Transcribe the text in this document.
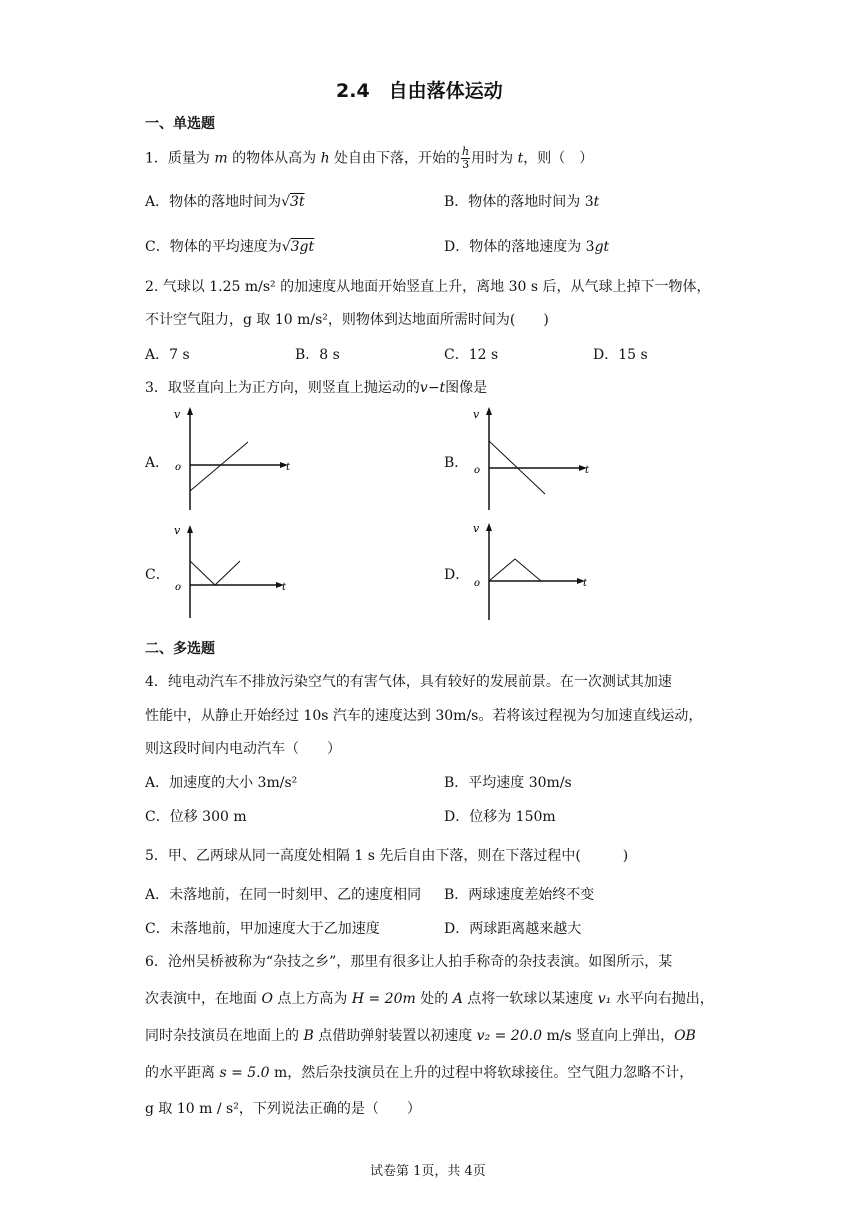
2.4　自由落体运动
一、单选题
1．质量为 m 的物体从高为 h 处自由下落，开始的 $\frac{h}{3}$ 用时为 t，则（　）
A．物体的落地时间为√3t	B．物体的落地时间为 3t
C．物体的平均速度为√3gt	D．物体的落地速度为 3gt
2. 气球以 1.25 m/s² 的加速度从地面开始竖直上升，离地 30 s 后，从气球上掉下一物体，
不计空气阻力，g 取 10 m/s²，则物体到达地面所需时间为(　　)
A．7 s	B．8 s	C．12 s	D．15 s
3．取竖直向上为正方向，则竖直上抛运动的v−t图像是
A．
v
o	t	B．
v
o	t
C．
v
o	t
D．
v
o	t
二、多选题
4．纯电动汽车不排放污染空气的有害气体，具有较好的发展前景。在一次测试其加速
性能中，从静止开始经过 10s 汽车的速度达到 30m/s。若将该过程视为匀加速直线运动，
则这段时间内电动汽车（　　）
A．加速度的大小 3m/s²	B．平均速度 30m/s
C．位移 300 m	D．位移为 150m
5．甲、乙两球从同一高度处相隔 1 s 先后自由下落，则在下落过程中(　　　)
A．未落地前，在同一时刻甲、乙的速度相同 B．两球速度差始终不变
C．未落地前，甲加速度大于乙加速度	D．两球距离越来越大
6．沧州吴桥被称为“杂技之乡”，那里有很多让人拍手称奇的杂技表演。如图所示，某
次表演中，在地面 O 点上方高为 H = 20m 处的 A 点将一软球以某速度 v₁ 水平向右抛出，
同时杂技演员在地面上的 B 点借助弹射装置以初速度 v₂ = 20.0 m/s 竖直向上弹出，OB
的水平距离 s = 5.0 m，然后杂技演员在上升的过程中将软球接住。空气阻力忽略不计，
g 取 10 m / s²，下列说法正确的是（　　）
试卷第 1页，共 4页
